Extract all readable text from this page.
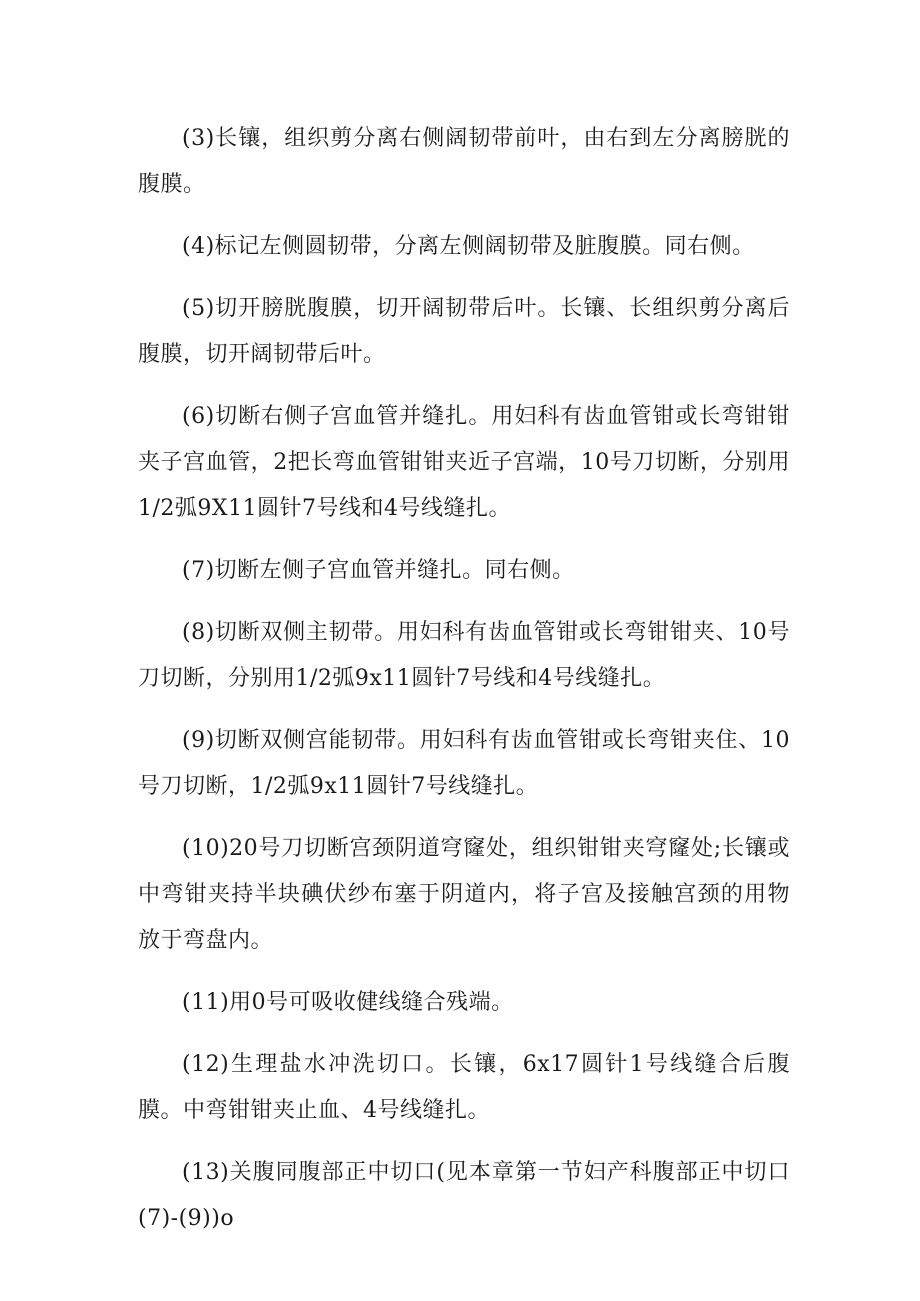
(3)长镶，组织剪分离右侧阔韧带前叶，由右到左分离膀胱的腹膜。

(4)标记左侧圆韧带，分离左侧阔韧带及脏腹膜。同右侧。

(5)切开膀胱腹膜，切开阔韧带后叶。长镶、长组织剪分离后腹膜，切开阔韧带后叶。

(6)切断右侧子宫血管并缝扎。用妇科有齿血管钳或长弯钳钳夹子宫血管，2把长弯血管钳钳夹近子宫端，10号刀切断，分别用1/2弧9X11圆针7号线和4号线缝扎。

(7)切断左侧子宫血管并缝扎。同右侧。

(8)切断双侧主韧带。用妇科有齿血管钳或长弯钳钳夹、10号刀切断，分别用1/2弧9x11圆针7号线和4号线缝扎。

(9)切断双侧宫能韧带。用妇科有齿血管钳或长弯钳夹住、10号刀切断，1/2弧9x11圆针7号线缝扎。

(10)20号刀切断宫颈阴道穹窿处，组织钳钳夹穹窿处;长镶或中弯钳夹持半块碘伏纱布塞于阴道内，将子宫及接触宫颈的用物放于弯盘内。

(11)用0号可吸收健线缝合残端。

(12)生理盐水冲洗切口。长镶，6x17圆针1号线缝合后腹膜。中弯钳钳夹止血、4号线缝扎。

(13)关腹同腹部正中切口(见本章第一节妇产科腹部正中切口(7)-(9))o
